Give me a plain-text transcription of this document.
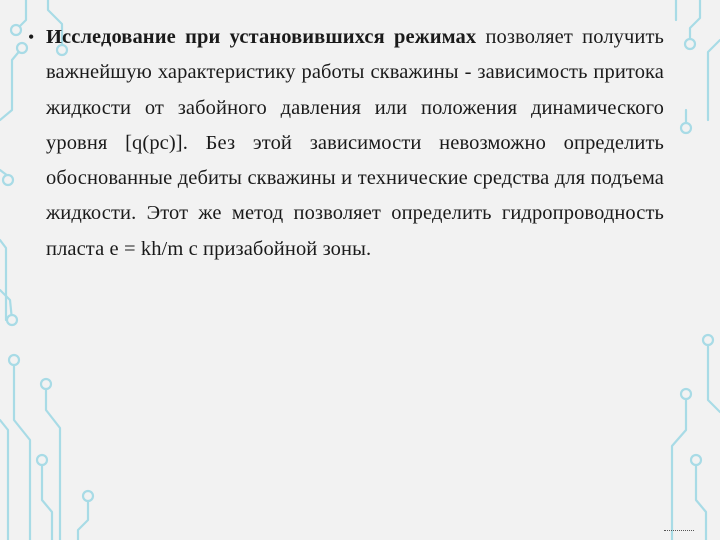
• Исследование при установившихся режимах позволяет получить важнейшую характеристику работы скважины - зависимость притока жидкости от забойного давления или положения динамического уровня [q(pc)]. Без этой зависимости невозможно определить обоснованные дебиты скважины и технические средства для подъема жидкости. Этот же метод позволяет определить гидропроводность пласта е = kh/m с призабойной зоны.
